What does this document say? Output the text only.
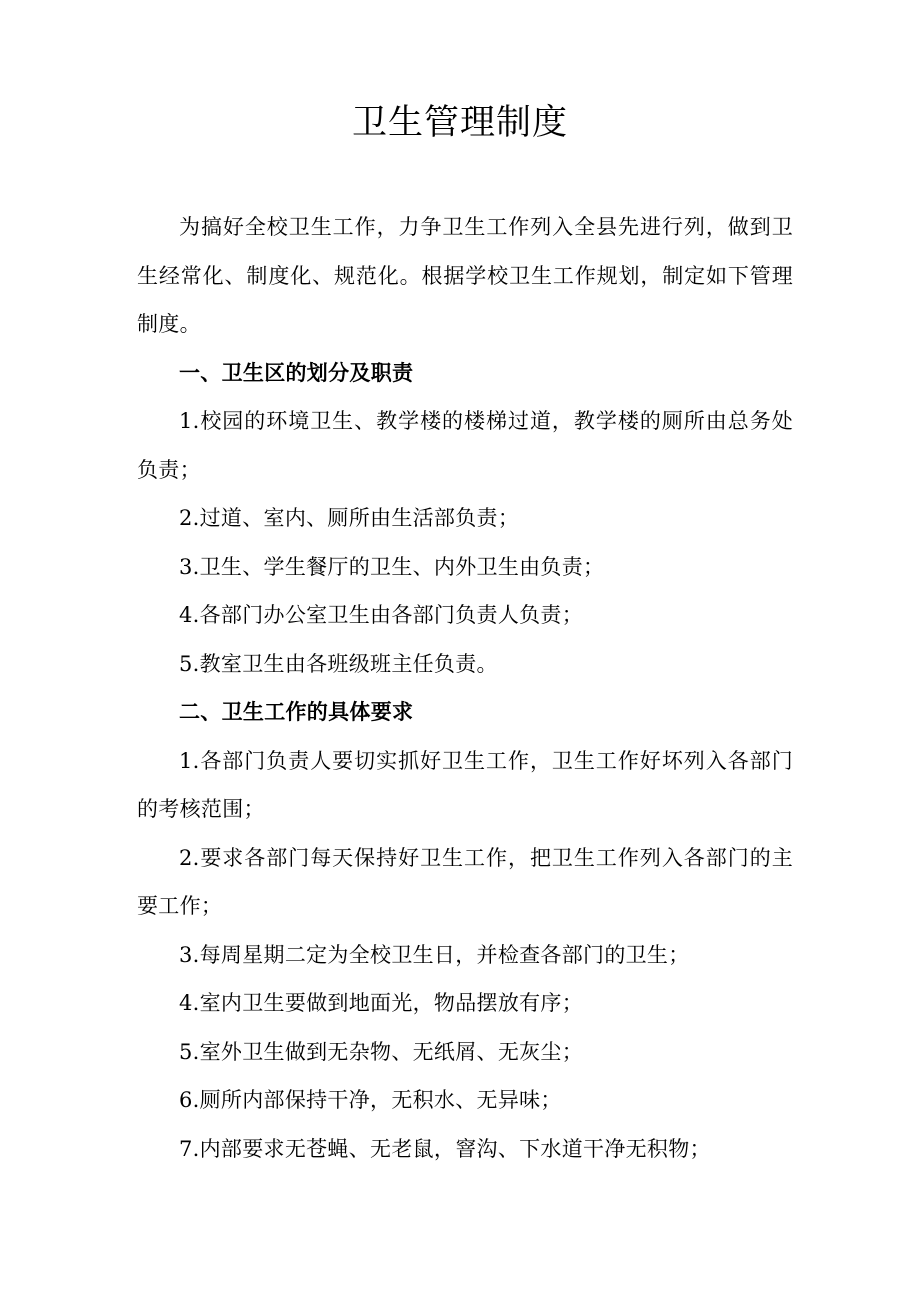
卫生管理制度

为搞好全校卫生工作，力争卫生工作列入全县先进行列，做到卫生经常化、制度化、规范化。根据学校卫生工作规划，制定如下管理制度。

一、卫生区的划分及职责

1.校园的环境卫生、教学楼的楼梯过道，教学楼的厕所由总务处负责；

2.过道、室内、厕所由生活部负责；

3.卫生、学生餐厅的卫生、内外卫生由负责；

4.各部门办公室卫生由各部门负责人负责；

5.教室卫生由各班级班主任负责。

二、卫生工作的具体要求

1.各部门负责人要切实抓好卫生工作，卫生工作好坏列入各部门的考核范围；

2.要求各部门每天保持好卫生工作，把卫生工作列入各部门的主要工作；

3.每周星期二定为全校卫生日，并检查各部门的卫生；

4.室内卫生要做到地面光，物品摆放有序；

5.室外卫生做到无杂物、无纸屑、无灰尘；

6.厕所内部保持干净，无积水、无异味；

7.内部要求无苍蝇、无老鼠，窨沟、下水道干净无积物；
